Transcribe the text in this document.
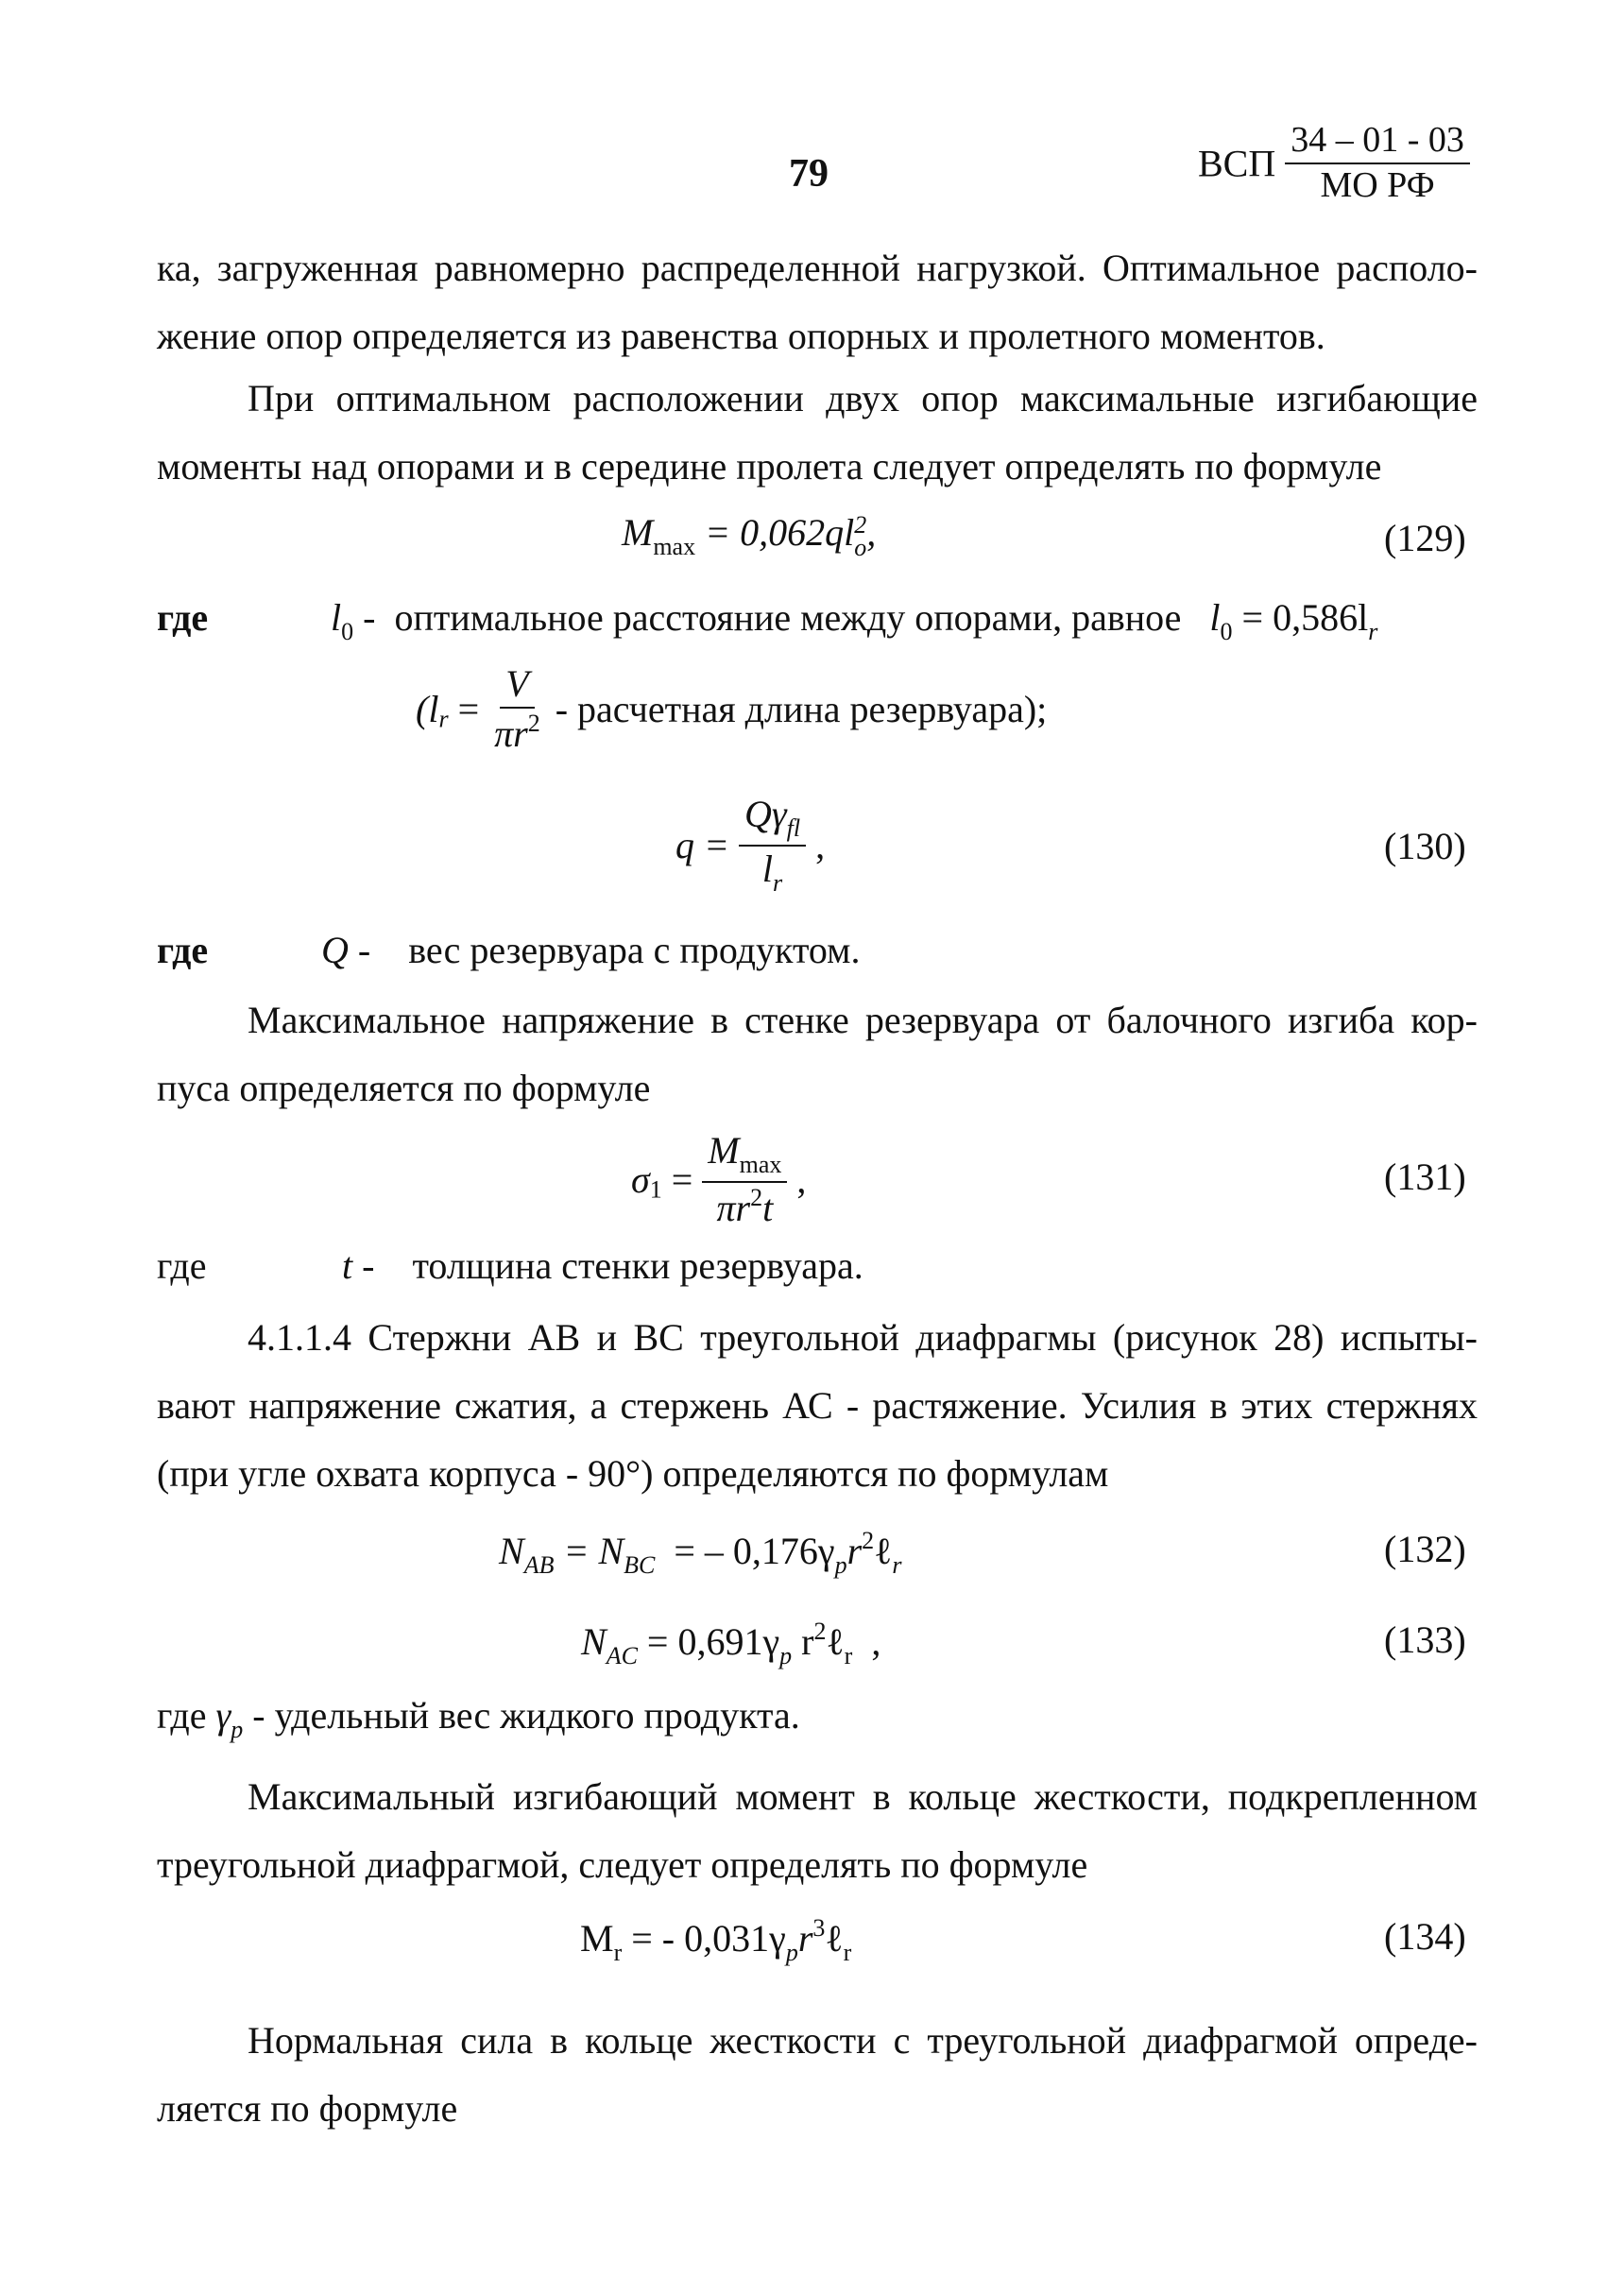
79	ВСП $\frac{34 - 01 - 03}{\text{МО РФ}}$
ка, загруженная равномерно распределенной нагрузкой. Оптимальное располо-
жение опор определяется из равенства опорных и пролетного моментов.
При оптимальном расположении двух опор максимальные изгибающие
моменты над опорами и в середине пролета следует определять по формуле
$M_{max} = 0,062ql$ 2
o ,	(129)
где	$l_0$ - оптимальное расстояние между опорами, равное $l_0 = 0,586l_r$
($l_r = \frac{V}{\pi r^2}$ - расчетная длина резервуара);
$q = \frac{Q\gamma_{fl}}{l_r}$ ,	(130)
где	Q - вес резервуара с продуктом.
Максимальное напряжение в стенке резервуара от балочного изгиба кор-
пуса определяется по формуле
$\sigma_1 = \frac{M_{max}}{\pi r^2t}$ ,	(131)
где	t - толщина стенки резервуара.
4.1.1.4 Стержни АВ и ВС треугольной диафрагмы (рисунок 28) испыты-
вают напряжение сжатия, а стержень АС - растяжение. Усилия в этих стержнях
(при угле охвата корпуса - 90°) определяются по формулам
$N_{AB} = N_{BC}$ = – $0,176\gamma_pr^2\ell_r$	(132)
$N_{AC} = 0,691\gamma_p$ $r^2\ell_r$ ,	(133)
где $\gamma_p$ - удельный вес жидкого продукта.
Максимальный изгибающий момент в кольце жесткости, подкрепленном
треугольной диафрагмой, следует определять по формуле
$M_r$ = - $0,031\gamma_pr^3\ell_r$	(134)
Нормальная сила в кольце жесткости с треугольной диафрагмой опреде-
ляется по формуле
